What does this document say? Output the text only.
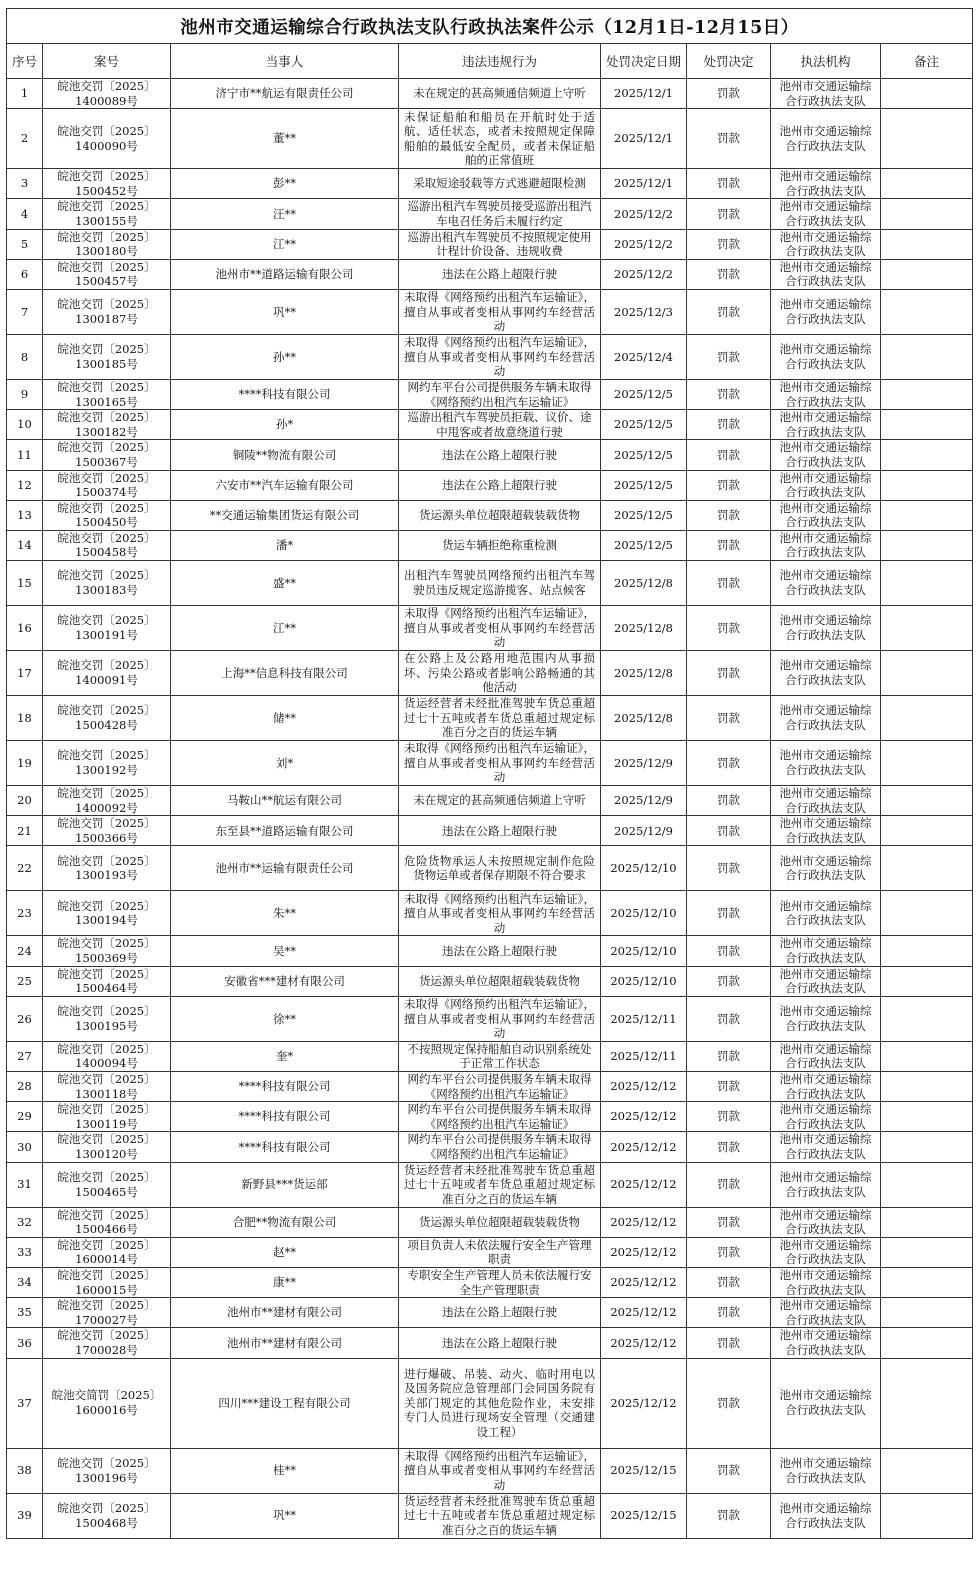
池州市交通运输综合行政执法支队行政执法案件公示（12月1日-12月15日）							
序号	案号	当事人	违法违规行为	处罚决定日期	处罚决定	执法机构	备注
1	皖池交罚〔2025〕1400089号	济宁市**航运有限责任公司	未在规定的甚高频通信频道上守听	2025/12/1	罚款	池州市交通运输综合行政执法支队	
2	皖池交罚〔2025〕1400090号	董**	未保证船舶和船员在开航时处于适航、适任状态，或者未按照规定保障船舶的最低安全配员，或者未保证船舶的正常值班	2025/12/1	罚款	池州市交通运输综合行政执法支队	
3	皖池交罚〔2025〕1500452号	彭**	采取短途驳载等方式逃避超限检测	2025/12/1	罚款	池州市交通运输综合行政执法支队	
4	皖池交罚〔2025〕1300155号	汪**	巡游出租汽车驾驶员接受巡游出租汽车电召任务后未履行约定	2025/12/2	罚款	池州市交通运输综合行政执法支队	
5	皖池交罚〔2025〕1300180号	江**	巡游出租汽车驾驶员不按照规定使用计程计价设备、违规收费	2025/12/2	罚款	池州市交通运输综合行政执法支队	
6	皖池交罚〔2025〕1500457号	池州市**道路运输有限公司	违法在公路上超限行驶	2025/12/2	罚款	池州市交通运输综合行政执法支队	
7	皖池交罚〔2025〕1300187号	巩**	未取得《网络预约出租汽车运输证》，擅自从事或者变相从事网约车经营活动	2025/12/3	罚款	池州市交通运输综合行政执法支队	
8	皖池交罚〔2025〕1300185号	孙**	未取得《网络预约出租汽车运输证》，擅自从事或者变相从事网约车经营活动	2025/12/4	罚款	池州市交通运输综合行政执法支队	
9	皖池交罚〔2025〕1300165号	****科技有限公司	网约车平台公司提供服务车辆未取得《网络预约出租汽车运输证》	2025/12/5	罚款	池州市交通运输综合行政执法支队	
10	皖池交罚〔2025〕1300182号	孙*	巡游出租汽车驾驶员拒载、议价、途中甩客或者故意绕道行驶	2025/12/5	罚款	池州市交通运输综合行政执法支队	
11	皖池交罚〔2025〕1500367号	铜陵**物流有限公司	违法在公路上超限行驶	2025/12/5	罚款	池州市交通运输综合行政执法支队	
12	皖池交罚〔2025〕1500374号	六安市**汽车运输有限公司	违法在公路上超限行驶	2025/12/5	罚款	池州市交通运输综合行政执法支队	
13	皖池交罚〔2025〕1500450号	**交通运输集团货运有限公司	货运源头单位超限超载装载货物	2025/12/5	罚款	池州市交通运输综合行政执法支队	
14	皖池交罚〔2025〕1500458号	潘*	货运车辆拒绝称重检测	2025/12/5	罚款	池州市交通运输综合行政执法支队	
15	皖池交罚〔2025〕1300183号	盛**	出租汽车驾驶员网络预约出租汽车驾驶员违反规定巡游揽客、站点候客	2025/12/8	罚款	池州市交通运输综合行政执法支队	
16	皖池交罚〔2025〕1300191号	江**	未取得《网络预约出租汽车运输证》，擅自从事或者变相从事网约车经营活动	2025/12/8	罚款	池州市交通运输综合行政执法支队	
17	皖池交罚〔2025〕1400091号	上海**信息科技有限公司	在公路上及公路用地范围内从事损坏、污染公路或者影响公路畅通的其他活动	2025/12/8	罚款	池州市交通运输综合行政执法支队	
18	皖池交罚〔2025〕1500428号	储**	货运经营者未经批准驾驶车货总重超过七十五吨或者车货总重超过规定标准百分之百的货运车辆	2025/12/8	罚款	池州市交通运输综合行政执法支队	
19	皖池交罚〔2025〕1300192号	刘*	未取得《网络预约出租汽车运输证》，擅自从事或者变相从事网约车经营活动	2025/12/9	罚款	池州市交通运输综合行政执法支队	
20	皖池交罚〔2025〕1400092号	马鞍山**航运有限公司	未在规定的甚高频通信频道上守听	2025/12/9	罚款	池州市交通运输综合行政执法支队	
21	皖池交罚〔2025〕1500366号	东至县**道路运输有限公司	违法在公路上超限行驶	2025/12/9	罚款	池州市交通运输综合行政执法支队	
22	皖池交罚〔2025〕1300193号	池州市**运输有限责任公司	危险货物承运人未按照规定制作危险货物运单或者保存期限不符合要求	2025/12/10	罚款	池州市交通运输综合行政执法支队	
23	皖池交罚〔2025〕1300194号	朱**	未取得《网络预约出租汽车运输证》，擅自从事或者变相从事网约车经营活动	2025/12/10	罚款	池州市交通运输综合行政执法支队	
24	皖池交罚〔2025〕1500369号	吴**	违法在公路上超限行驶	2025/12/10	罚款	池州市交通运输综合行政执法支队	
25	皖池交罚〔2025〕1500464号	安徽省***建材有限公司	货运源头单位超限超载装载货物	2025/12/10	罚款	池州市交通运输综合行政执法支队	
26	皖池交罚〔2025〕1300195号	徐**	未取得《网络预约出租汽车运输证》，擅自从事或者变相从事网约车经营活动	2025/12/11	罚款	池州市交通运输综合行政执法支队	
27	皖池交罚〔2025〕1400094号	奎*	不按照规定保持船舶自动识别系统处于正常工作状态	2025/12/11	罚款	池州市交通运输综合行政执法支队	
28	皖池交罚〔2025〕1300118号	****科技有限公司	网约车平台公司提供服务车辆未取得《网络预约出租汽车运输证》	2025/12/12	罚款	池州市交通运输综合行政执法支队	
29	皖池交罚〔2025〕1300119号	****科技有限公司	网约车平台公司提供服务车辆未取得《网络预约出租汽车运输证》	2025/12/12	罚款	池州市交通运输综合行政执法支队	
30	皖池交罚〔2025〕1300120号	****科技有限公司	网约车平台公司提供服务车辆未取得《网络预约出租汽车运输证》	2025/12/12	罚款	池州市交通运输综合行政执法支队	
31	皖池交罚〔2025〕1500465号	新野县***货运部	货运经营者未经批准驾驶车货总重超过七十五吨或者车货总重超过规定标准百分之百的货运车辆	2025/12/12	罚款	池州市交通运输综合行政执法支队	
32	皖池交罚〔2025〕1500466号	合肥**物流有限公司	货运源头单位超限超载装载货物	2025/12/12	罚款	池州市交通运输综合行政执法支队	
33	皖池交罚〔2025〕1600014号	赵**	项目负责人未依法履行安全生产管理职责	2025/12/12	罚款	池州市交通运输综合行政执法支队	
34	皖池交罚〔2025〕1600015号	康**	专职安全生产管理人员未依法履行安全生产管理职责	2025/12/12	罚款	池州市交通运输综合行政执法支队	
35	皖池交罚〔2025〕1700027号	池州市**建材有限公司	违法在公路上超限行驶	2025/12/12	罚款	池州市交通运输综合行政执法支队	
36	皖池交罚〔2025〕1700028号	池州市**建材有限公司	违法在公路上超限行驶	2025/12/12	罚款	池州市交通运输综合行政执法支队	
37	皖池交简罚〔2025〕1600016号	四川***建设工程有限公司	进行爆破、吊装、动火、临时用电以及国务院应急管理部门会同国务院有关部门规定的其他危险作业，未安排专门人员进行现场安全管理（交通建设工程）	2025/12/12	罚款	池州市交通运输综合行政执法支队	
38	皖池交罚〔2025〕1300196号	桂**	未取得《网络预约出租汽车运输证》，擅自从事或者变相从事网约车经营活动	2025/12/15	罚款	池州市交通运输综合行政执法支队	
39	皖池交罚〔2025〕1500468号	巩**	货运经营者未经批准驾驶车货总重超过七十五吨或者车货总重超过规定标准百分之百的货运车辆	2025/12/15	罚款	池州市交通运输综合行政执法支队	
